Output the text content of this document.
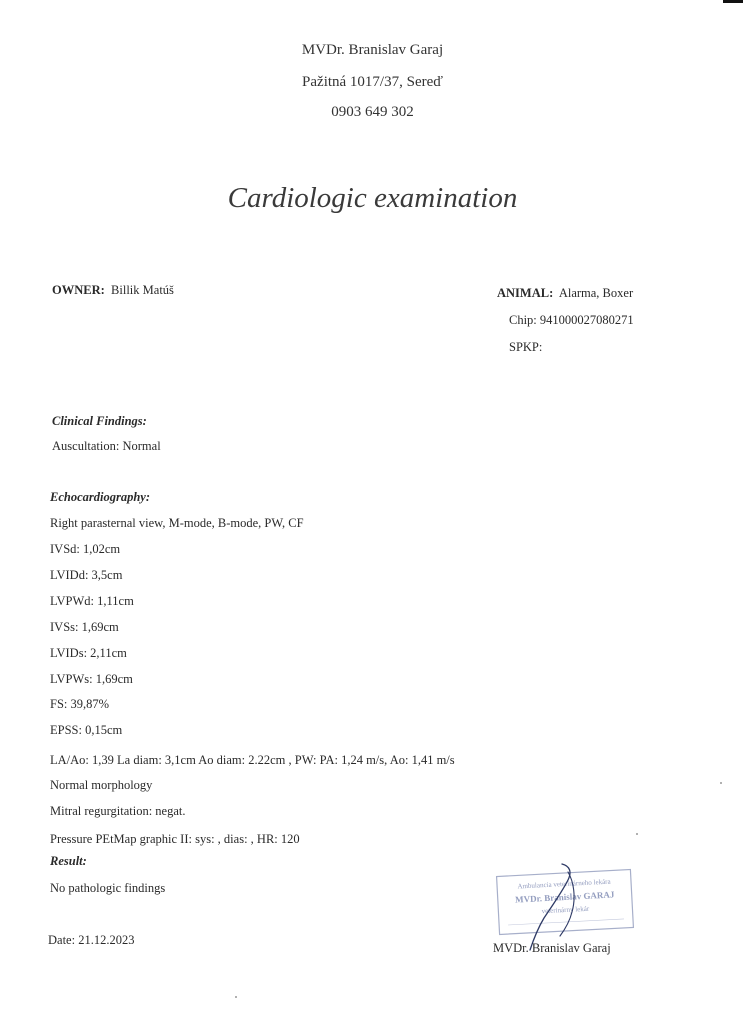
MVDr. Branislav Garaj
Pažitná 1017/37, Sereď
0903 649 302
Cardiologic examination
OWNER: Billik Matúš	ANIMAL: Alarma, Boxer
Chip: 941000027080271
SPKP:
Clinical Findings:
Auscultation: Normal
Echocardiography:
Right parasternal view, M-mode, B-mode, PW, CF
IVSd: 1,02cm
LVIDd: 3,5cm
LVPWd: 1,11cm
IVSs: 1,69cm
LVIDs: 2,11cm
LVPWs: 1,69cm
FS: 39,87%
EPSS: 0,15cm
LA/Ao: 1,39 La diam: 3,1cm Ao diam: 2.22cm , PW: PA: 1,24 m/s, Ao: 1,41 m/s
Normal morphology
Mitral regurgitation: negat.
Pressure PEtMap graphic II: sys: , dias: , HR: 120
Result:
No pathologic findings
Date: 21.12.2023
Ambulancia veterinárneho lekára
MVDr. Branislav GARAJ
veterinárny lekár
MVDr. Branislav Garaj
